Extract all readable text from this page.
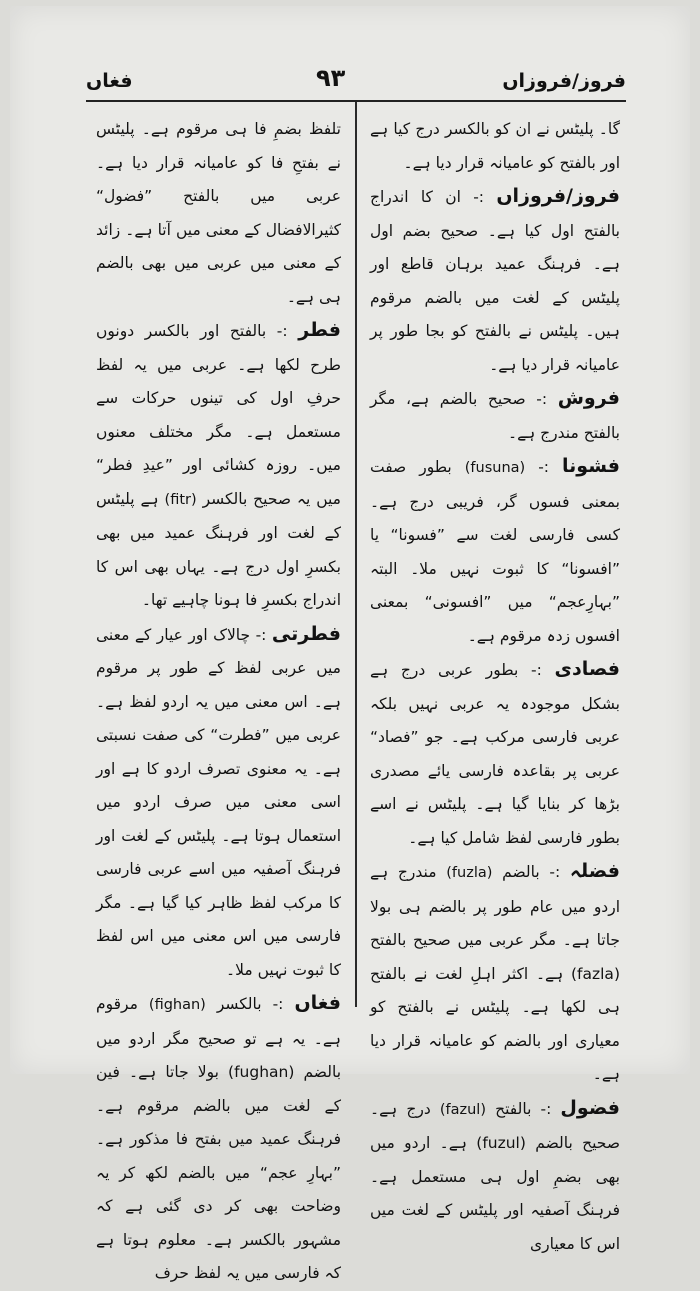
فروز/فروزاں
۹۳
فغاں

گا۔ پلیٹس نے ان کو بالکسر درج کیا ہے اور بالفتح کو عامیانہ قرار دیا ہے۔

فروز/فروزاں :- ان کا اندراج بالفتح اول کیا ہے۔ صحیح بضم اول ہے۔ فرہنگ عمید برہان قاطع اور پلیٹس کے لغت میں بالضم مرقوم ہیں۔ پلیٹس نے بالفتح کو بجا طور پر عامیانہ قرار دیا ہے۔

فروش :- صحیح بالضم ہے، مگر بالفتح مندرج ہے۔

فشونا :- (fusuna) بطور صفت بمعنی فسوں گر، فریبی درج ہے۔ کسی فارسی لغت سے ”فسونا“ یا ”افسونا“ کا ثبوت نہیں ملا۔ البتہ ”بہارِعجم“ میں ”افسونی“ بمعنی افسوں زدہ مرقوم ہے۔

فصادی :- بطور عربی درج ہے بشکل موجودہ یہ عربی نہیں بلکہ عربی فارسی مرکب ہے۔ جو ”فصاد“ عربی پر بقاعدہ فارسی یائے مصدری بڑھا کر بنایا گیا ہے۔ پلیٹس نے اسے بطور فارسی لفظ شامل کیا ہے۔

فضلہ :- بالضم (fuzla) مندرج ہے اردو میں عام طور پر بالضم ہی بولا جاتا ہے۔ مگر عربی میں صحیح بالفتح (fazla) ہے۔ اکثر اہلِ لغت نے بالفتح ہی لکھا ہے۔ پلیٹس نے بالفتح کو معیاری اور بالضم کو عامیانہ قرار دیا ہے۔

فضول :- بالفتح (fazul) درج ہے۔ صحیح بالضم (fuzul) ہے۔ اردو میں بھی بضمِ اول ہی مستعمل ہے۔ فرہنگ آصفیہ اور پلیٹس کے لغت میں اس کا معیاری

تلفظ بضمِ فا ہی مرقوم ہے۔ پلیٹس نے بفتحِ فا کو عامیانہ قرار دیا ہے۔ عربی میں بالفتح ”فضول“ کثیرالافضال کے معنی میں آتا ہے۔ زائد کے معنی میں عربی میں بھی بالضم ہی ہے۔

فطر :- بالفتح اور بالکسر دونوں طرح لکھا ہے۔ عربی میں یہ لفظ حرفِ اول کی تینوں حرکات سے مستعمل ہے۔ مگر مختلف معنوں میں۔ روزہ کشائی اور ”عیدِ فطر“ میں یہ صحیح بالکسر (fitr) ہے پلیٹس کے لغت اور فرہنگ عمید میں بھی بکسرِ اول درج ہے۔ یہاں بھی اس کا اندراج بکسرِ فا ہونا چاہیے تھا۔

فطرتی :- چالاک اور عیار کے معنی میں عربی لفظ کے طور پر مرقوم ہے۔ اس معنی میں یہ اردو لفظ ہے۔ عربی میں ”فطرت“ کی صفت نسبتی ہے۔ یہ معنوی تصرف اردو کا ہے اور اسی معنی میں صرف اردو میں استعمال ہوتا ہے۔ پلیٹس کے لغت اور فرہنگ آصفیہ میں اسے عربی فارسی کا مرکب لفظ ظاہر کیا گیا ہے۔ مگر فارسی میں اس معنی میں اس لفظ کا ثبوت نہیں ملا۔

فغاں :- بالکسر (fighan) مرقوم ہے۔ یہ ہے تو صحیح مگر اردو میں بالضم (fughan) بولا جاتا ہے۔ فین کے لغت میں بالضم مرقوم ہے۔ فرہنگ عمید میں بفتح فا مذکور ہے۔ ”بہارِ عجم“ میں بالضم لکھ کر یہ وضاحت بھی کر دی گئی ہے کہ مشہور بالکسر ہے۔ معلوم ہوتا ہے کہ فارسی میں یہ لفظ حرف
